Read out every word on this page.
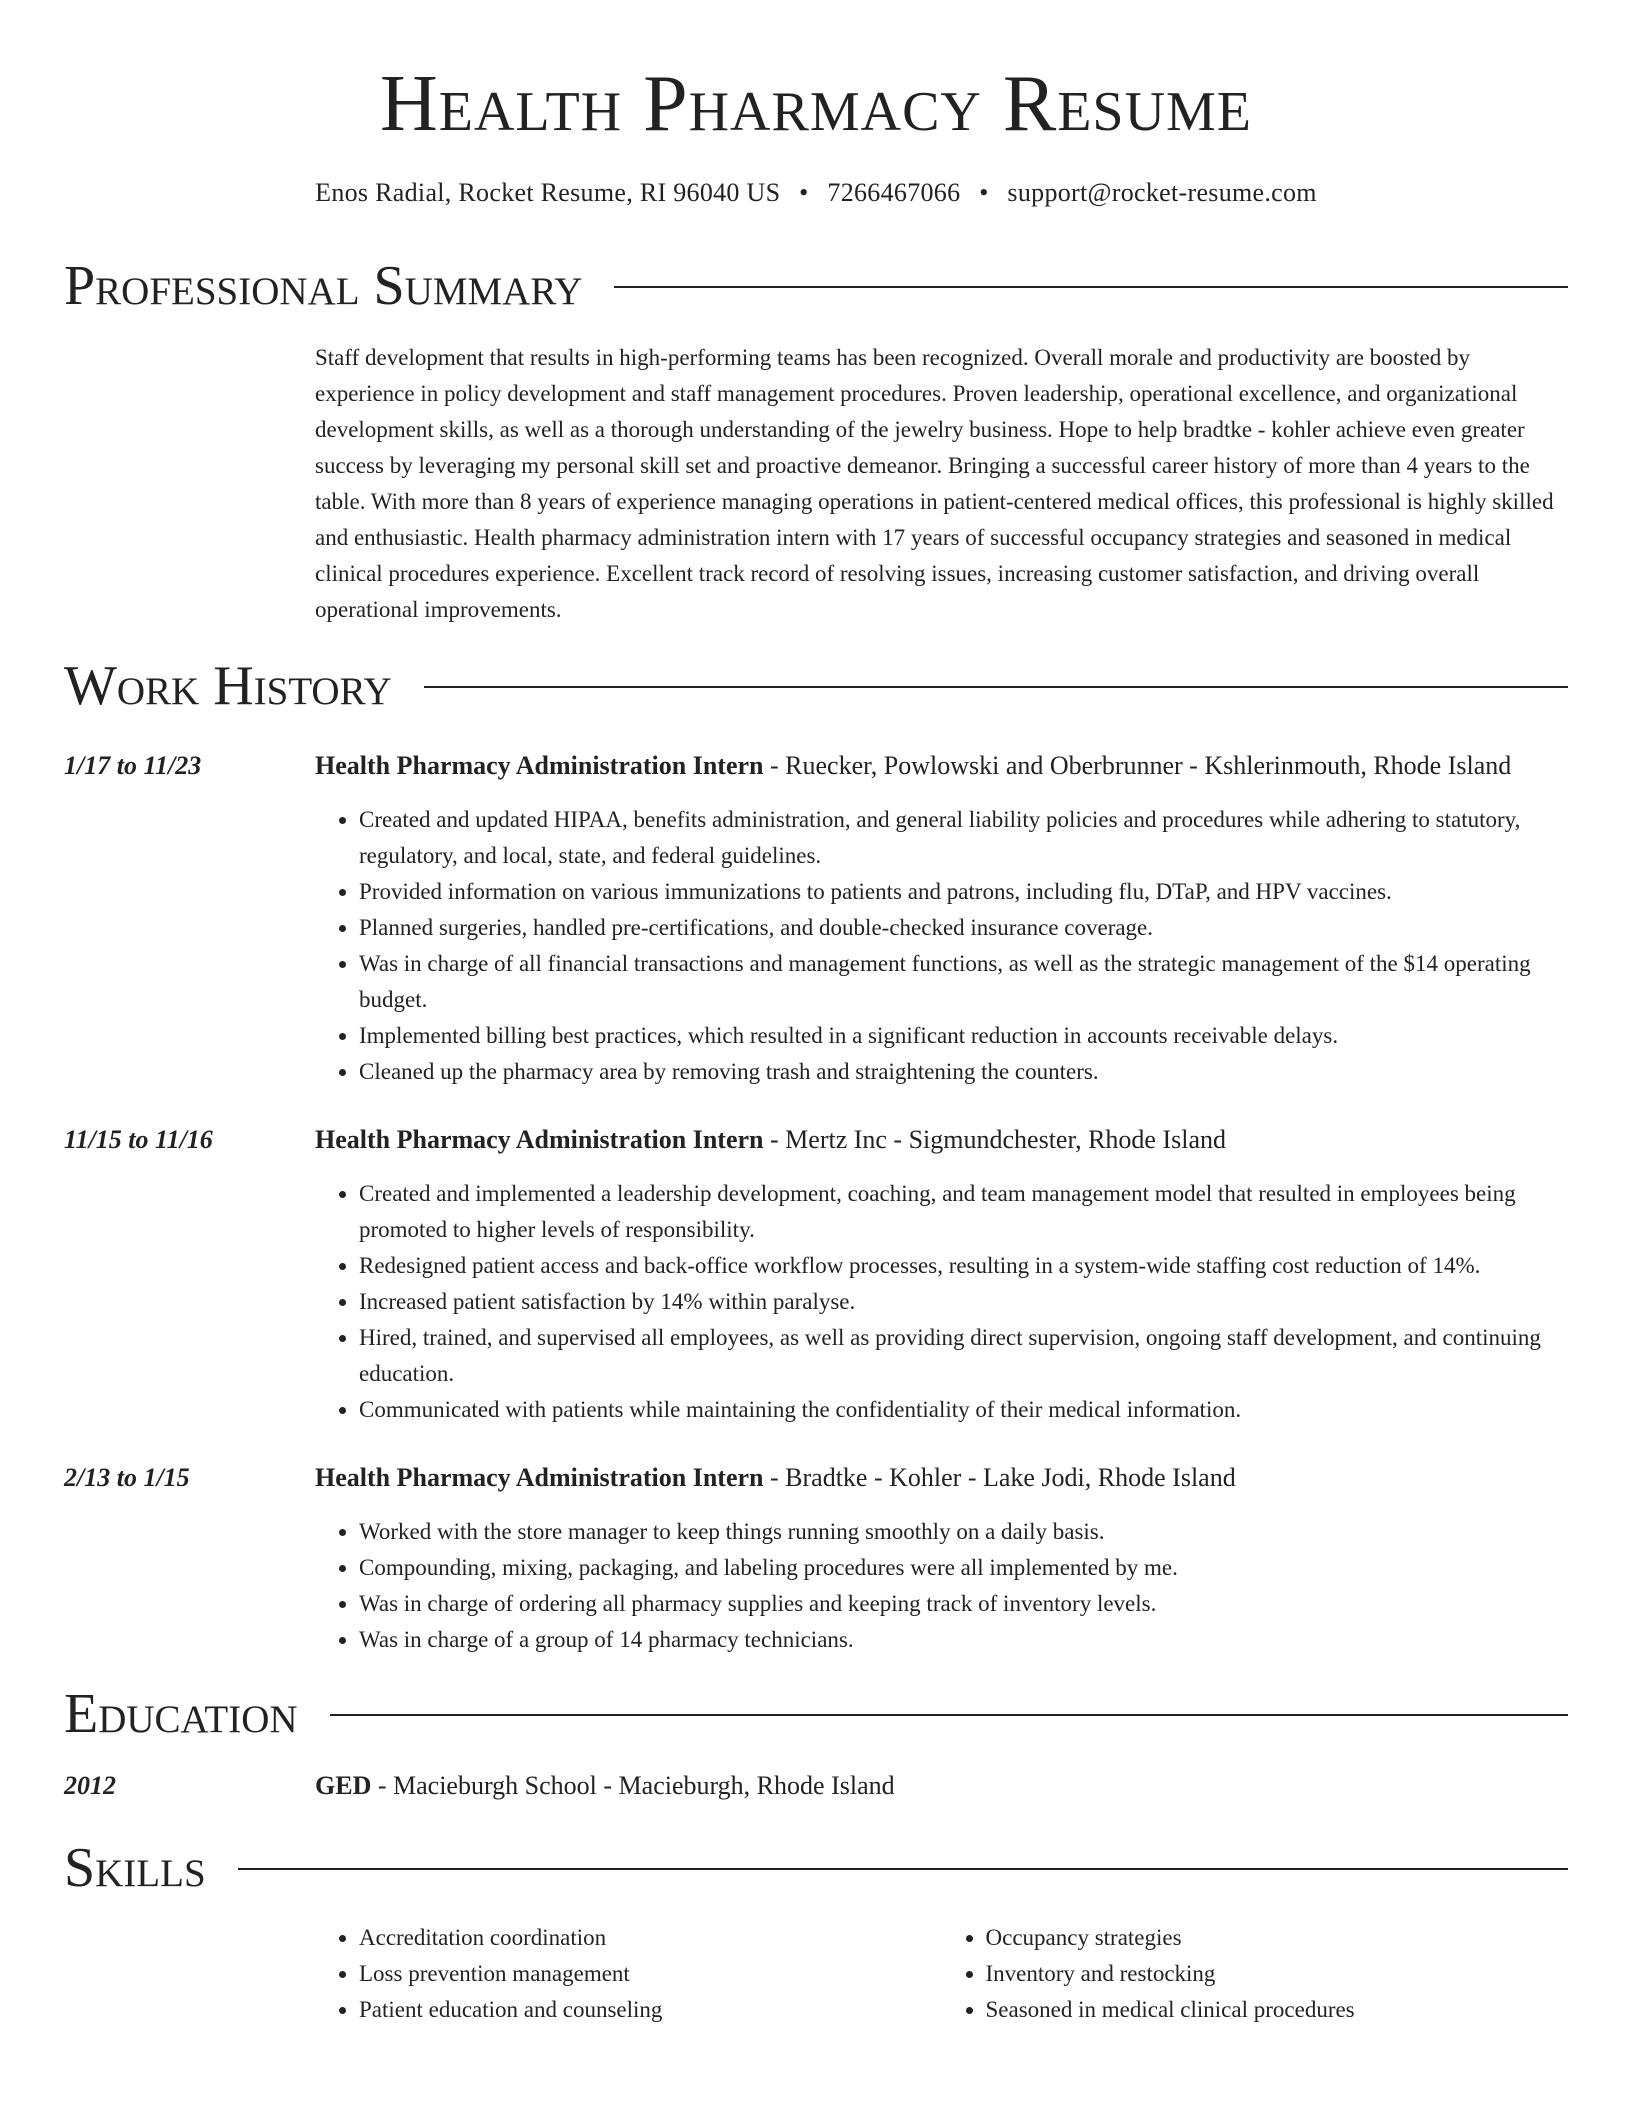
Health Pharmacy Resume
Enos Radial, Rocket Resume, RI 96040 US • 7266467066 • support@rocket-resume.com
Professional Summary
Staff development that results in high-performing teams has been recognized. Overall morale and productivity are boosted by experience in policy development and staff management procedures. Proven leadership, operational excellence, and organizational development skills, as well as a thorough understanding of the jewelry business. Hope to help bradtke - kohler achieve even greater success by leveraging my personal skill set and proactive demeanor. Bringing a successful career history of more than 4 years to the table. With more than 8 years of experience managing operations in patient-centered medical offices, this professional is highly skilled and enthusiastic. Health pharmacy administration intern with 17 years of successful occupancy strategies and seasoned in medical clinical procedures experience. Excellent track record of resolving issues, increasing customer satisfaction, and driving overall operational improvements.
Work History
1/17 to 11/23	Health Pharmacy Administration Intern - Ruecker, Powlowski and Oberbrunner - Kshlerinmouth, Rhode Island
• Created and updated HIPAA, benefits administration, and general liability policies and procedures while adhering to statutory, regulatory, and local, state, and federal guidelines.
• Provided information on various immunizations to patients and patrons, including flu, DTaP, and HPV vaccines.
• Planned surgeries, handled pre-certifications, and double-checked insurance coverage.
• Was in charge of all financial transactions and management functions, as well as the strategic management of the $14 operating budget.
• Implemented billing best practices, which resulted in a significant reduction in accounts receivable delays.
• Cleaned up the pharmacy area by removing trash and straightening the counters.
11/15 to 11/16	Health Pharmacy Administration Intern - Mertz Inc - Sigmundchester, Rhode Island
• Created and implemented a leadership development, coaching, and team management model that resulted in employees being promoted to higher levels of responsibility.
• Redesigned patient access and back-office workflow processes, resulting in a system-wide staffing cost reduction of 14%.
• Increased patient satisfaction by 14% within paralyse.
• Hired, trained, and supervised all employees, as well as providing direct supervision, ongoing staff development, and continuing education.
• Communicated with patients while maintaining the confidentiality of their medical information.
2/13 to 1/15	Health Pharmacy Administration Intern - Bradtke - Kohler - Lake Jodi, Rhode Island
• Worked with the store manager to keep things running smoothly on a daily basis.
• Compounding, mixing, packaging, and labeling procedures were all implemented by me.
• Was in charge of ordering all pharmacy supplies and keeping track of inventory levels.
• Was in charge of a group of 14 pharmacy technicians.
Education
2012	GED - Macieburgh School - Macieburgh, Rhode Island
Skills
• Accreditation coordination
• Loss prevention management
• Patient education and counseling
• Occupancy strategies
• Inventory and restocking
• Seasoned in medical clinical procedures
